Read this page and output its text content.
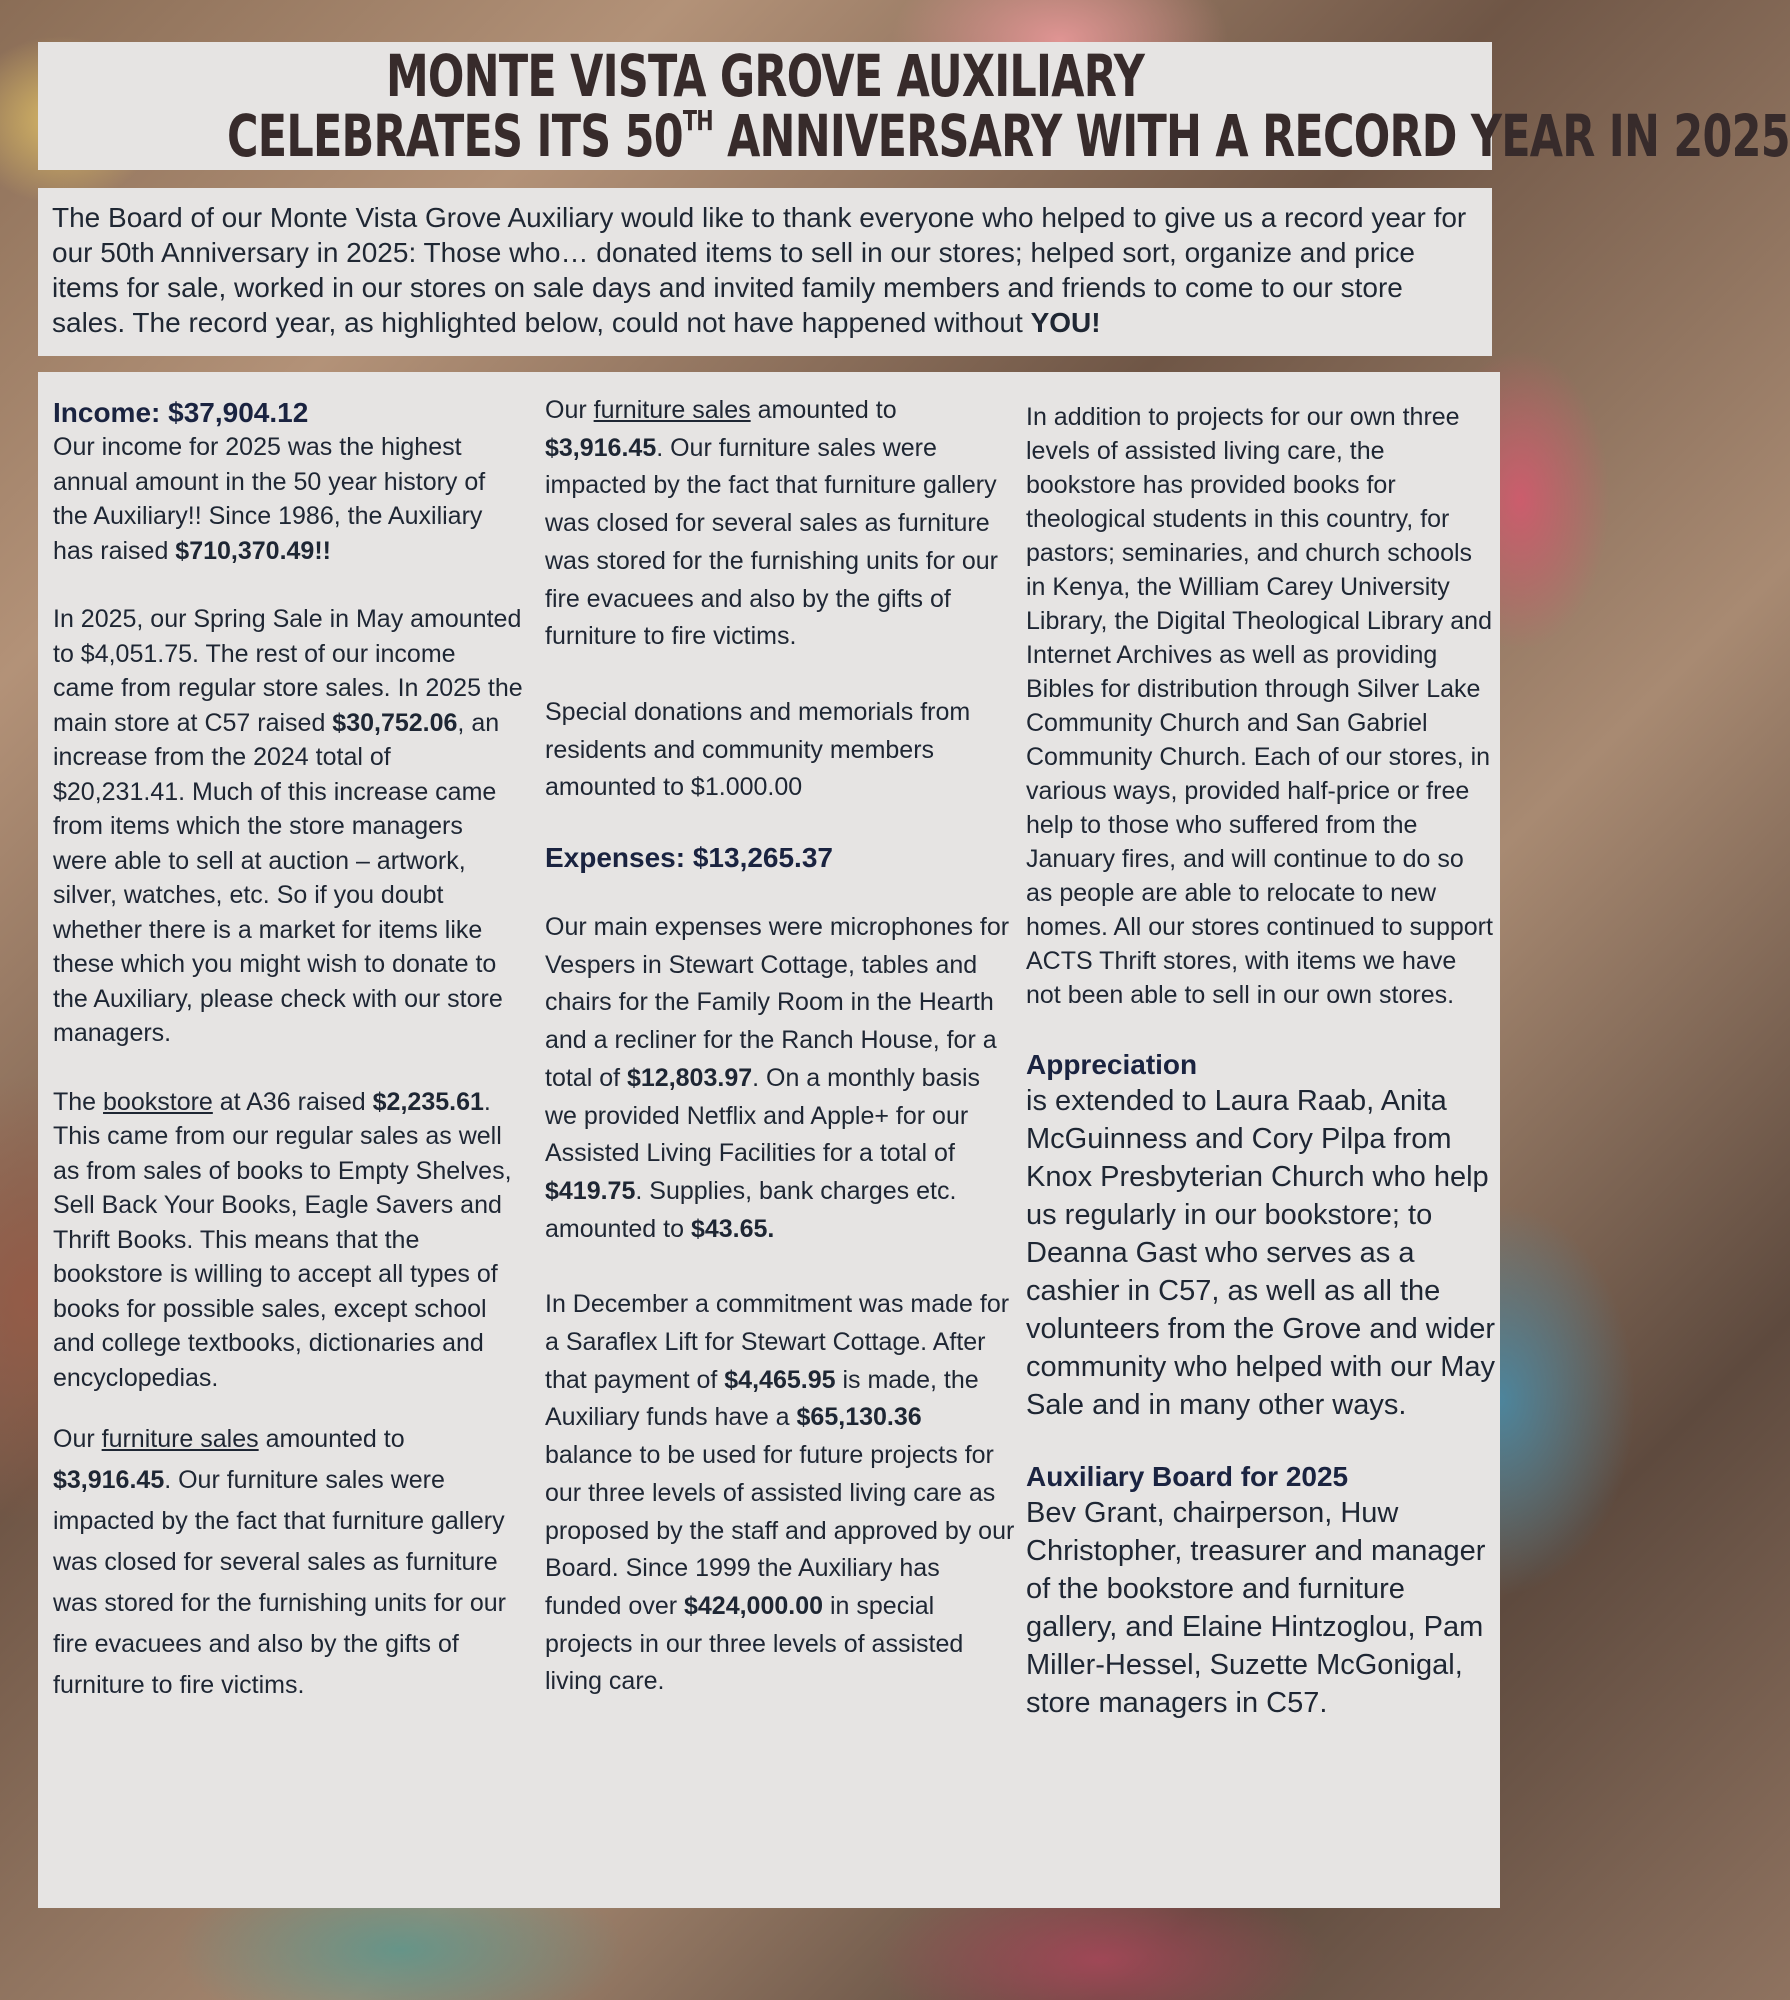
MONTE VISTA GROVE AUXILIARY
CELEBRATES ITS 50TH ANNIVERSARY WITH A RECORD YEAR IN 2025

The Board of our Monte Vista Grove Auxiliary would like to thank everyone who helped to give us a record year for our 50th Anniversary in 2025: Those who… donated items to sell in our stores; helped sort, organize and price items for sale, worked in our stores on sale days and invited family members and friends to come to our store sales. The record year, as highlighted below, could not have happened without YOU!

Income: $37,904.12

Our income for 2025 was the highest annual amount in the 50 year history of the Auxiliary!! Since 1986, the Auxiliary has raised $710,370.49!!

In 2025, our Spring Sale in May amounted to $4,051.75. The rest of our income came from regular store sales. In 2025 the main store at C57 raised $30,752.06, an increase from the 2024 total of $20,231.41. Much of this increase came from items which the store managers were able to sell at auction – artwork, silver, watches, etc. So if you doubt whether there is a market for items like these which you might wish to donate to the Auxiliary, please check with our store managers.

The bookstore at A36 raised $2,235.61. This came from our regular sales as well as from sales of books to Empty Shelves, Sell Back Your Books, Eagle Savers and Thrift Books. This means that the bookstore is willing to accept all types of books for possible sales, except school and college textbooks, dictionaries and encyclopedias.

Our furniture sales amounted to $3,916.45. Our furniture sales were impacted by the fact that furniture gallery was closed for several sales as furniture was stored for the furnishing units for our fire evacuees and also by the gifts of furniture to fire victims.

Our furniture sales amounted to $3,916.45. Our furniture sales were impacted by the fact that furniture gallery was closed for several sales as furniture was stored for the furnishing units for our fire evacuees and also by the gifts of furniture to fire victims.

Special donations and memorials from residents and community members amounted to $1.000.00

Expenses: $13,265.37

Our main expenses were microphones for Vespers in Stewart Cottage, tables and chairs for the Family Room in the Hearth and a recliner for the Ranch House, for a total of $12,803.97. On a monthly basis we provided Netflix and Apple+ for our Assisted Living Facilities for a total of $419.75. Supplies, bank charges etc. amounted to $43.65.

In December a commitment was made for a Saraflex Lift for Stewart Cottage. After that payment of $4,465.95 is made, the Auxiliary funds have a $65,130.36 balance to be used for future projects for our three levels of assisted living care as proposed by the staff and approved by our Board. Since 1999 the Auxiliary has funded over $424,000.00 in special projects in our three levels of assisted living care.

In addition to projects for our own three levels of assisted living care, the bookstore has provided books for theological students in this country, for pastors; seminaries, and church schools in Kenya, the William Carey University Library, the Digital Theological Library and Internet Archives as well as providing Bibles for distribution through Silver Lake Community Church and San Gabriel Community Church. Each of our stores, in various ways, provided half-price or free help to those who suffered from the January fires, and will continue to do so as people are able to relocate to new homes. All our stores continued to support ACTS Thrift stores, with items we have not been able to sell in our own stores.

Appreciation

is extended to Laura Raab, Anita McGuinness and Cory Pilpa from Knox Presbyterian Church who help us regularly in our bookstore; to Deanna Gast who serves as a cashier in C57, as well as all the volunteers from the Grove and wider community who helped with our May Sale and in many other ways.

Auxiliary Board for 2025

Bev Grant, chairperson, Huw Christopher, treasurer and manager of the bookstore and furniture gallery, and Elaine Hintzoglou, Pam Miller-Hessel, Suzette McGonigal, store managers in C57.
